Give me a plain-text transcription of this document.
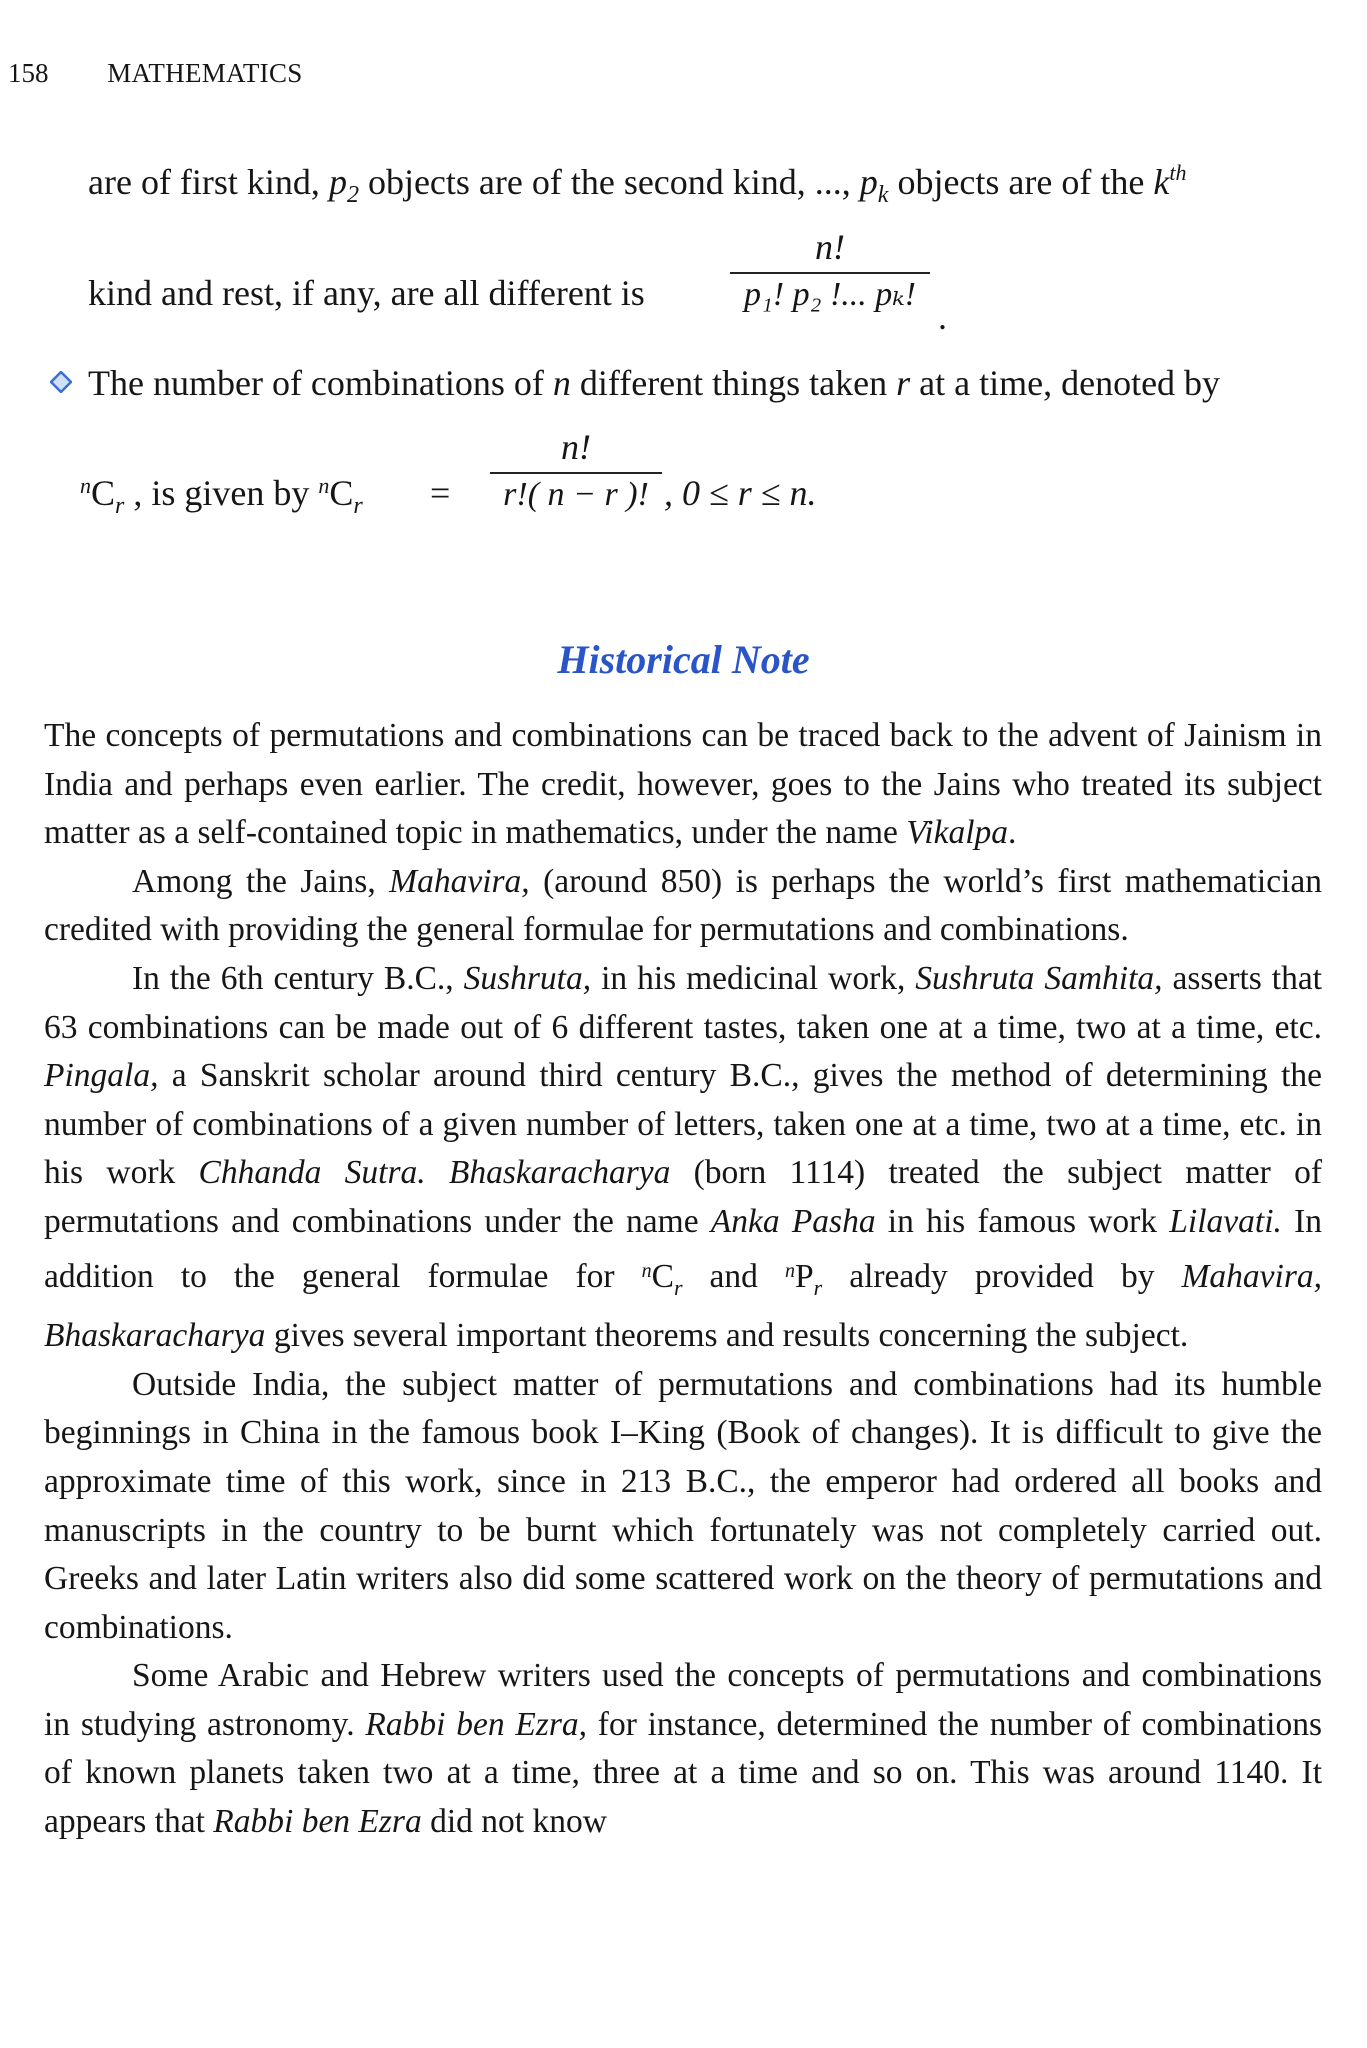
158 MATHEMATICS
are of first kind, $p_2$ objects are of the second kind, ..., $p_k$ objects are of the $k^{th}$
kind and rest, if any, are all different is
n!
p₁! p₂ !... pₖ!
.
The number of combinations of n different things taken r at a time, denoted by
$^nC_r$ , is given by $^nC_r$ =
n!
r!( n − r )! , 0 ≤ r ≤ n.
Historical Note

The concepts of permutations and combinations can be traced back to the advent of Jainism in India and perhaps even earlier. The credit, however, goes to the Jains who treated its subject matter as a self-contained topic in mathematics, under the name Vikalpa.

Among the Jains, Mahavira, (around 850) is perhaps the world’s first mathematician credited with providing the general formulae for permutations and combinations.

In the 6th century B.C., Sushruta, in his medicinal work, Sushruta Samhita, asserts that 63 combinations can be made out of 6 different tastes, taken one at a time, two at a time, etc. Pingala, a Sanskrit scholar around third century B.C., gives the method of determining the number of combinations of a given number of letters, taken one at a time, two at a time, etc. in his work Chhanda Sutra. Bhaskaracharya (born 1114) treated the subject matter of permutations and combinations under the name Anka Pasha in his famous work Lilavati. In addition to the general formulae for $^nC_r$ and $^nP_r$ already provided by Mahavira, Bhaskaracharya gives several important theorems and results concerning the subject.

Outside India, the subject matter of permutations and combinations had its humble beginnings in China in the famous book I–King (Book of changes). It is difficult to give the approximate time of this work, since in 213 B.C., the emperor had ordered all books and manuscripts in the country to be burnt which fortunately was not completely carried out. Greeks and later Latin writers also did some scattered work on the theory of permutations and combinations.

Some Arabic and Hebrew writers used the concepts of permutations and combinations in studying astronomy. Rabbi ben Ezra, for instance, determined the number of combinations of known planets taken two at a time, three at a time and so on. This was around 1140. It appears that Rabbi ben Ezra did not know
